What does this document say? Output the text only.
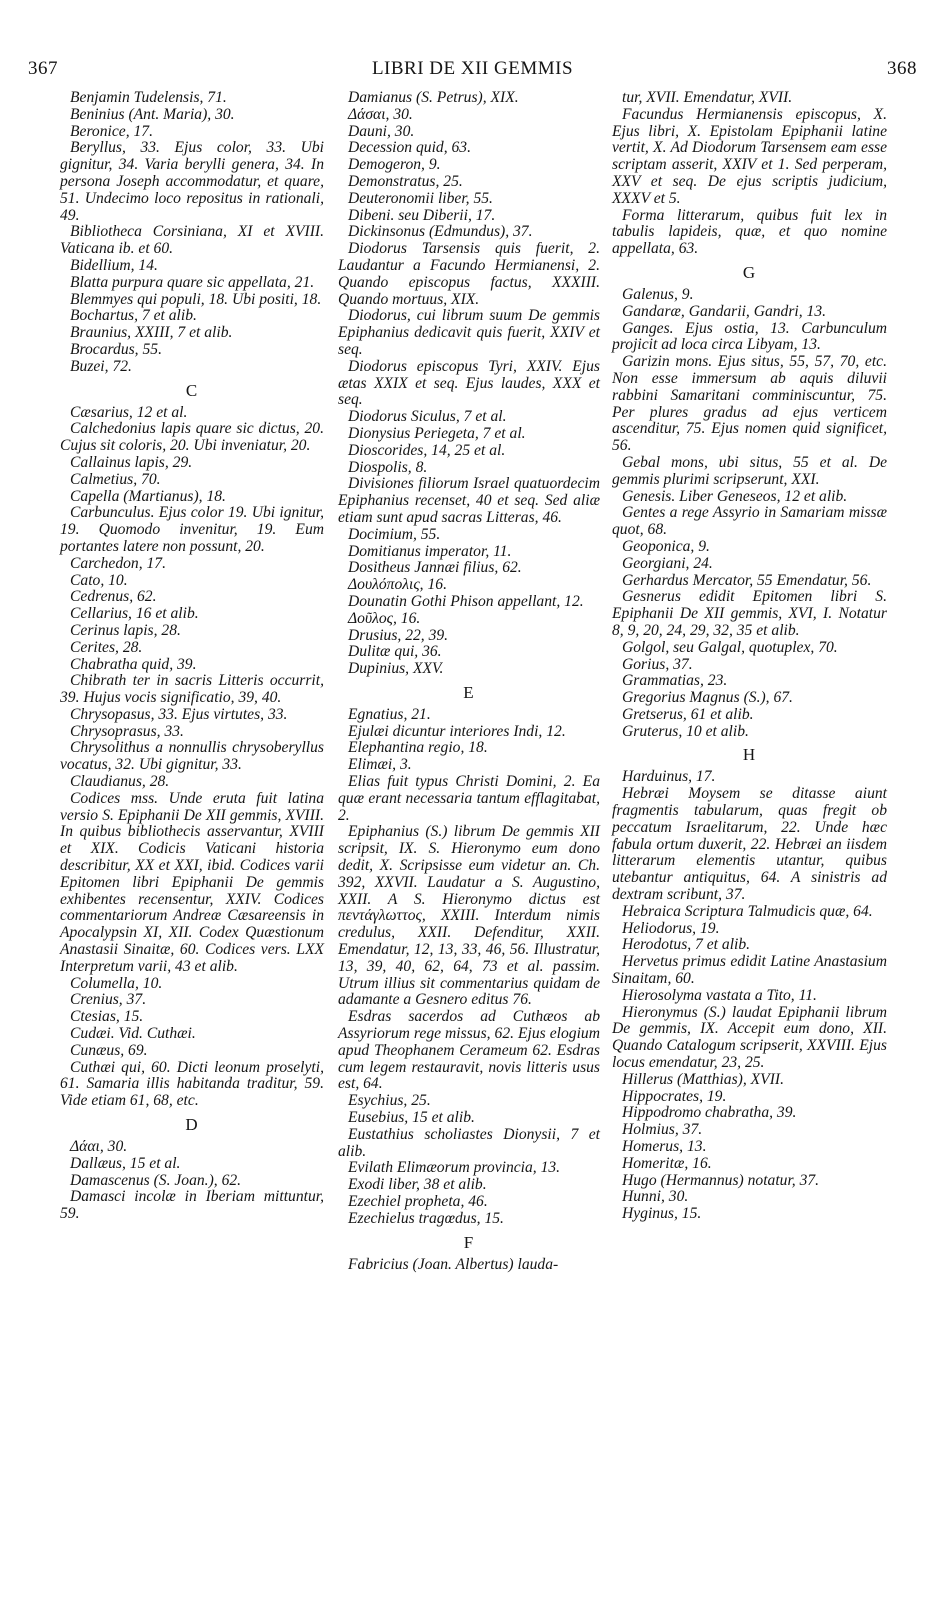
367	LIBRI DE XII GEMMIS	368

Benjamin Tudelensis, 71.

Beninius (Ant. Maria), 30.

Beronice, 17.

Beryllus, 33. Ejus color, 33. Ubi gignitur, 34. Varia berylli genera, 34. In persona Joseph accommodatur, et quare, 51. Undecimo loco repositus in rationali, 49.

Bibliotheca Corsiniana, XI et XVIII. Vaticana ib. et 60.

Bidellium, 14.

Blatta purpura quare sic appellata, 21.

Blemmyes qui populi, 18. Ubi positi, 18.

Bochartus, 7 et alib.

Braunius, XXIII, 7 et alib.

Brocardus, 55.

Buzei, 72.

C

Cæsarius, 12 et al.

Calchedonius lapis quare sic dictus, 20. Cujus sit coloris, 20. Ubi inveniatur, 20.

Callainus lapis, 29.

Calmetius, 70.

Capella (Martianus), 18.

Carbunculus. Ejus color 19. Ubi ignitur, 19. Quomodo invenitur, 19. Eum portantes latere non possunt, 20.

Carchedon, 17.

Cato, 10.

Cedrenus, 62.

Cellarius, 16 et alib.

Cerinus lapis, 28.

Cerites, 28.

Chabratha quid, 39.

Chibrath ter in sacris Litteris occurrit, 39. Hujus vocis significatio, 39, 40.

Chrysopasus, 33. Ejus virtutes, 33.

Chrysoprasus, 33.

Chrysolithus a nonnullis chrysoberyllus vocatus, 32. Ubi gignitur, 33.

Claudianus, 28.

Codices mss. Unde eruta fuit latina versio S. Epiphanii De XII gemmis, XVIII. In quibus bibliothecis asservantur, XVIII et XIX. Codicis Vaticani historia describitur, XX et XXI, ibid. Codices varii Epitomen libri Epiphanii De gemmis exhibentes recensentur, XXIV. Codices commentariorum Andreæ Cæsareensis in Apocalypsin XI, XII. Codex Quæstionum Anastasii Sinaitæ, 60. Codices vers. LXX Interpretum varii, 43 et alib.

Columella, 10.

Crenius, 37.

Ctesias, 15.

Cudæi. Vid. Cuthæi.

Cunæus, 69.

Cuthæi qui, 60. Dicti leonum proselyti, 61. Samaria illis habitanda traditur, 59. Vide etiam 61, 68, etc.

D

Δάαι, 30.

Dallæus, 15 et al.

Damascenus (S. Joan.), 62.

Damasci incolæ in Iberiam mittuntur, 59.

Damianus (S. Petrus), XIX.

Δάσαι, 30.

Dauni, 30.

Decession quid, 63.

Demogeron, 9.

Demonstratus, 25.

Deuteronomii liber, 55.

Dibeni. seu Diberii, 17.

Dickinsonus (Edmundus), 37.

Diodorus Tarsensis quis fuerit, 2. Laudantur a Facundo Hermianensi, 2. Quando episcopus factus, XXXIII. Quando mortuus, XIX.

Diodorus, cui librum suum De gemmis Epiphanius dedicavit quis fuerit, XXIV et seq.

Diodorus episcopus Tyri, XXIV. Ejus ætas XXIX et seq. Ejus laudes, XXX et seq.

Diodorus Siculus, 7 et al.

Dionysius Periegeta, 7 et al.

Dioscorides, 14, 25 et al.

Diospolis, 8.

Divisiones filiorum Israel quatuordecim Epiphanius recenset, 40 et seq. Sed aliæ etiam sunt apud sacras Litteras, 46.

Docimium, 55.

Domitianus imperator, 11.

Dositheus Jannæi filius, 62.

Δουλόπολις, 16.

Dounatin Gothi Phison appellant, 12.

Δοῦλος, 16.

Drusius, 22, 39.

Dulitæ qui, 36.

Dupinius, XXV.

E

Egnatius, 21.

Ejulæi dicuntur interiores Indi, 12.

Elephantina regio, 18.

Elimæi, 3.

Elias fuit typus Christi Domini, 2. Ea quæ erant necessaria tantum efflagitabat, 2.

Epiphanius (S.) librum De gemmis XII scripsit, IX. S. Hieronymo eum dono dedit, X. Scripsisse eum videtur an. Ch. 392, XXVII. Laudatur a S. Augustino, XXII. A S. Hieronymo dictus est πεντάγλωττος, XXIII. Interdum nimis credulus, XXII. Defenditur, XXII. Emendatur, 12, 13, 33, 46, 56. Illustratur, 13, 39, 40, 62, 64, 73 et al. passim. Utrum illius sit commentarius quidam de adamante a Gesnero editus 76.

Esdras sacerdos ad Cuthæos ab Assyriorum rege missus, 62. Ejus elogium apud Theophanem Cerameum 62. Esdras cum legem restauravit, novis litteris usus est, 64.

Esychius, 25.

Eusebius, 15 et alib.

Eustathius scholiastes Dionysii, 7 et alib.

Evilath Elimæorum provincia, 13.

Exodi liber, 38 et alib.

Ezechiel propheta, 46.

Ezechielus tragœdus, 15.

F

Fabricius (Joan. Albertus) lauda-

tur, XVII. Emendatur, XVII.

Facundus Hermianensis episcopus, X. Ejus libri, X. Epistolam Epiphanii latine vertit, X. Ad Diodorum Tarsensem eam esse scriptam asserit, XXIV et 1. Sed perperam, XXV et seq. De ejus scriptis judicium, XXXV et 5.

Forma litterarum, quibus fuit lex in tabulis lapideis, quæ, et quo nomine appellata, 63.

G

Galenus, 9.

Gandaræ, Gandarii, Gandri, 13.

Ganges. Ejus ostia, 13. Carbunculum projicit ad loca circa Libyam, 13.

Garizin mons. Ejus situs, 55, 57, 70, etc. Non esse immersum ab aquis diluvii rabbini Samaritani comminiscuntur, 75. Per plures gradus ad ejus verticem ascenditur, 75. Ejus nomen quid significet, 56.

Gebal mons, ubi situs, 55 et al. De gemmis plurimi scripserunt, XXI.

Genesis. Liber Geneseos, 12 et alib.

Gentes a rege Assyrio in Samariam missæ quot, 68.

Geoponica, 9.

Georgiani, 24.

Gerhardus Mercator, 55 Emendatur, 56.

Gesnerus edidit Epitomen libri S. Epiphanii De XII gemmis, XVI, I. Notatur 8, 9, 20, 24, 29, 32, 35 et alib.

Golgol, seu Galgal, quotuplex, 70.

Gorius, 37.

Grammatias, 23.

Gregorius Magnus (S.), 67.

Gretserus, 61 et alib.

Gruterus, 10 et alib.

H

Harduinus, 17.

Hebræi Moysem se ditasse aiunt fragmentis tabularum, quas fregit ob peccatum Israelitarum, 22. Unde hæc fabula ortum duxerit, 22. Hebræi an iisdem litterarum elementis utantur, quibus utebantur antiquitus, 64. A sinistris ad dextram scribunt, 37.

Hebraica Scriptura Talmudicis quæ, 64.

Heliodorus, 19.

Herodotus, 7 et alib.

Hervetus primus edidit Latine Anastasium Sinaitam, 60.

Hierosolyma vastata a Tito, 11.

Hieronymus (S.) laudat Epiphanii librum De gemmis, IX. Accepit eum dono, XII. Quando Catalogum scripserit, XXVIII. Ejus locus emendatur, 23, 25.

Hillerus (Matthias), XVII.

Hippocrates, 19.

Hippodromo chabratha, 39.

Holmius, 37.

Homerus, 13.

Homeritæ, 16.

Hugo (Hermannus) notatur, 37.

Hunni, 30.

Hyginus, 15.
